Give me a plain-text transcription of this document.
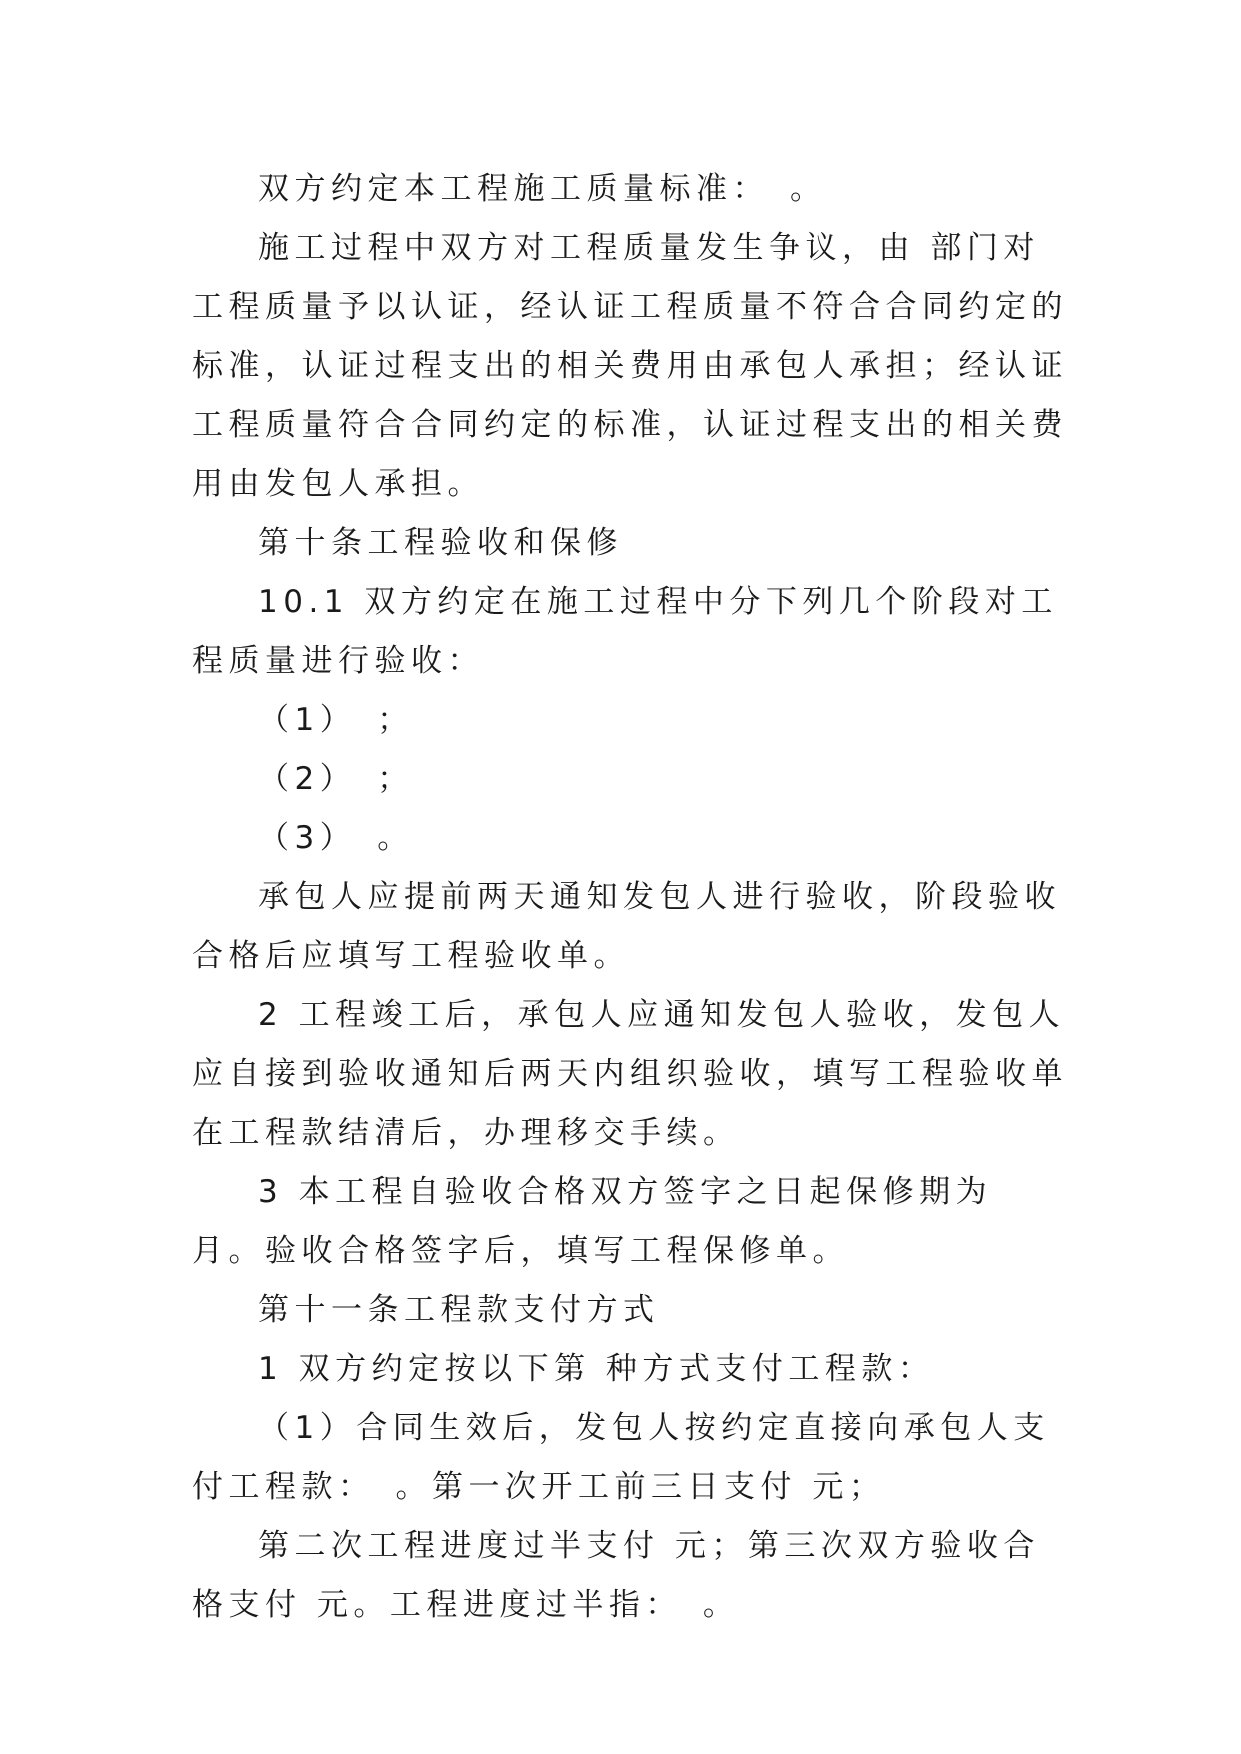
双方约定本工程施工质量标准：　。

施工过程中双方对工程质量发生争议，由 部门对工程质量予以认证，经认证工程质量不符合合同约定的标准，认证过程支出的相关费用由承包人承担；经认证工程质量符合合同约定的标准，认证过程支出的相关费用由发包人承担。

第十条工程验收和保修

10.1 双方约定在施工过程中分下列几个阶段对工程质量进行验收：

（1）　；

（2）　；

（3）　。

承包人应提前两天通知发包人进行验收，阶段验收合格后应填写工程验收单。

2 工程竣工后，承包人应通知发包人验收，发包人应自接到验收通知后两天内组织验收，填写工程验收单在工程款结清后，办理移交手续。

3 本工程自验收合格双方签字之日起保修期为 月。验收合格签字后，填写工程保修单。

第十一条工程款支付方式

1 双方约定按以下第 种方式支付工程款：

（1）合同生效后，发包人按约定直接向承包人支付工程款：　。第一次开工前三日支付 元；

第二次工程进度过半支付 元；第三次双方验收合格支付 元。工程进度过半指：　。
